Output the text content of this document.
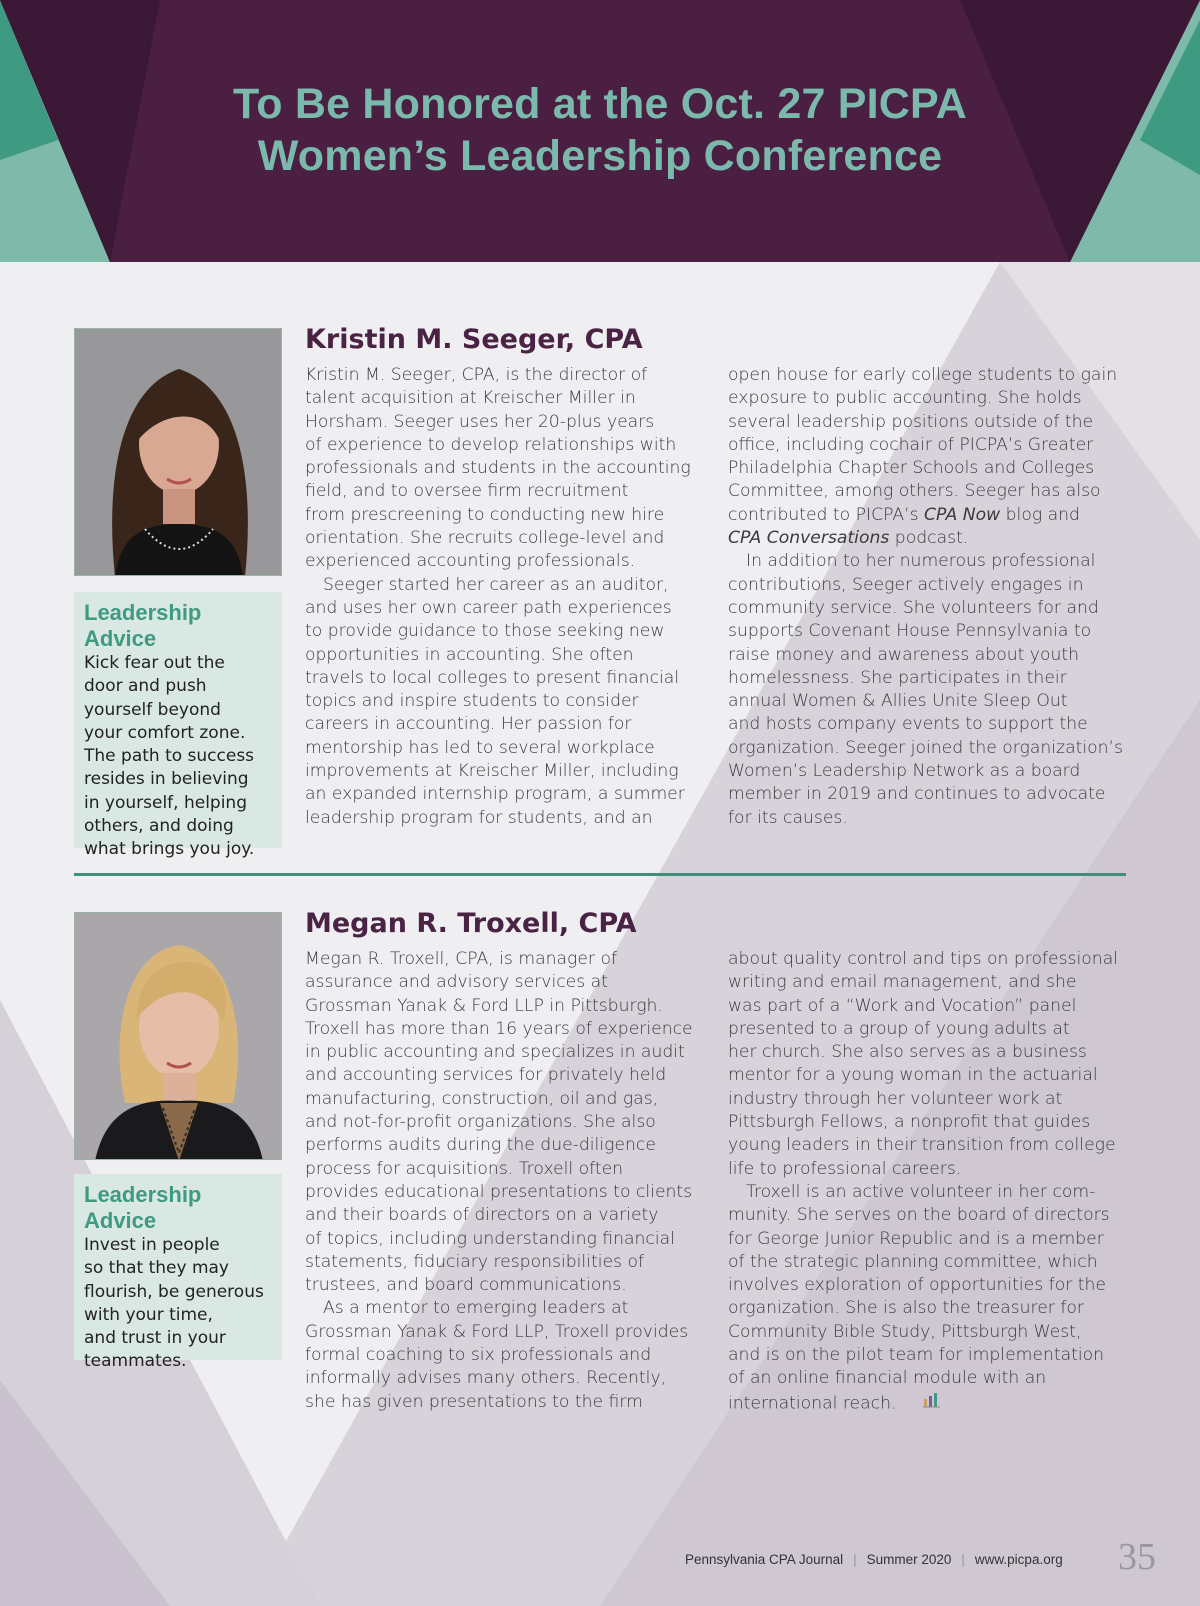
To Be Honored at the Oct. 27 PICPA
Women’s Leadership Conference
Leadership Advice
Kick fear out the
door and push
yourself beyond
your comfort zone.
The path to success
resides in believing
in yourself, helping
others, and doing
what brings you joy.
Kristin M. Seeger, CPA

Kristin M. Seeger, CPA, is the director of
talent acquisition at Kreischer Miller in
Horsham. Seeger uses her 20-plus years
of experience to develop relationships with
professionals and students in the accounting
field, and to oversee firm recruitment
from prescreening to conducting new hire
orientation. She recruits college-level and
experienced accounting professionals.

Seeger started her career as an auditor,
and uses her own career path experiences
to provide guidance to those seeking new
opportunities in accounting. She often
travels to local colleges to present financial
topics and inspire students to consider
careers in accounting. Her passion for
mentorship has led to several workplace
improvements at Kreischer Miller, including
an expanded internship program, a summer
leadership program for students, and an

open house for early college students to gain
exposure to public accounting. She holds
several leadership positions outside of the
office, including cochair of PICPA’s Greater
Philadelphia Chapter Schools and Colleges
Committee, among others. Seeger has also
contributed to PICPA’s CPA Now blog and
CPA Conversations podcast.

In addition to her numerous professional
contributions, Seeger actively engages in
community service. She volunteers for and
supports Covenant House Pennsylvania to
raise money and awareness about youth
homelessness. She participates in their
annual Women & Allies Unite Sleep Out
and hosts company events to support the
organization. Seeger joined the organization’s
Women’s Leadership Network as a board
member in 2019 and continues to advocate
for its causes.

Leadership Advice
Invest in people
so that they may
flourish, be generous
with your time,
and trust in your
teammates.
Megan R. Troxell, CPA

Megan R. Troxell, CPA, is manager of
assurance and advisory services at
Grossman Yanak & Ford LLP in Pittsburgh.
Troxell has more than 16 years of experience
in public accounting and specializes in audit
and accounting services for privately held
manufacturing, construction, oil and gas,
and not-for-profit organizations. She also
performs audits during the due-diligence
process for acquisitions. Troxell often
provides educational presentations to clients
and their boards of directors on a variety
of topics, including understanding financial
statements, fiduciary responsibilities of
trustees, and board communications.

As a mentor to emerging leaders at
Grossman Yanak & Ford LLP, Troxell provides
formal coaching to six professionals and
informally advises many others. Recently,
she has given presentations to the firm

about quality control and tips on professional
writing and email management, and she
was part of a “Work and Vocation” panel
presented to a group of young adults at
her church. She also serves as a business
mentor for a young woman in the actuarial
industry through her volunteer work at
Pittsburgh Fellows, a nonprofit that guides
young leaders in their transition from college
life to professional careers.

Troxell is an active volunteer in her com-
munity. She serves on the board of directors
for George Junior Republic and is a member
of the strategic planning committee, which
involves exploration of opportunities for the
organization. She is also the treasurer for
Community Bible Study, Pittsburgh West,
and is on the pilot team for implementation
of an online financial module with an
international reach.

Pennsylvania CPA Journal | Summer 2020 | www.picpa.org 35
